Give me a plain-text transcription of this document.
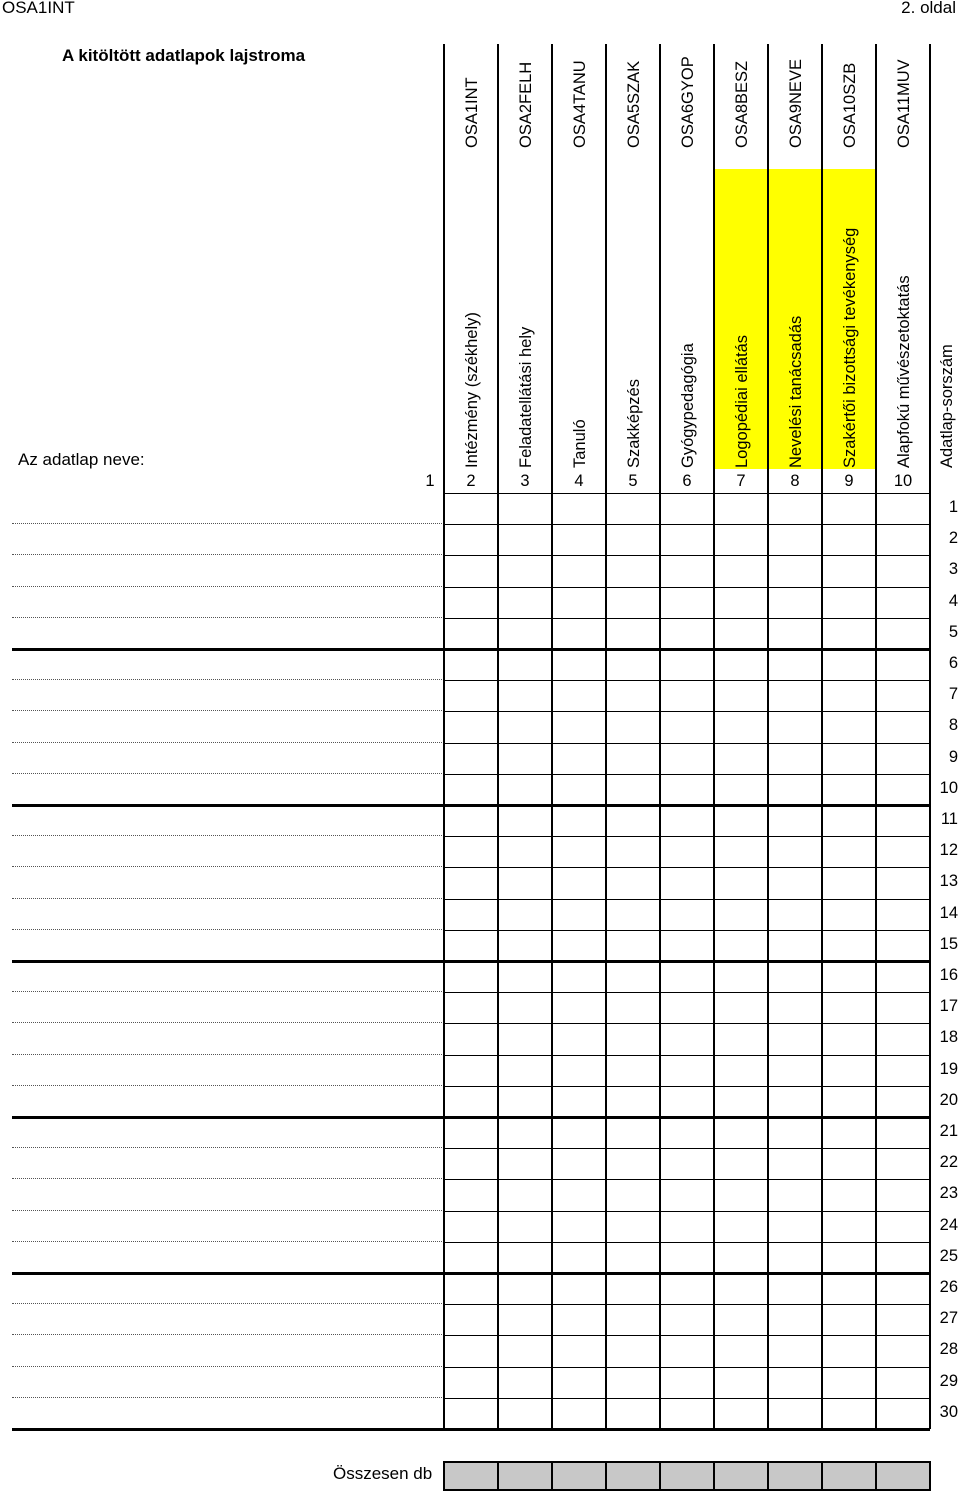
OSA1INT	2. oldal
A kitöltött adatlapok lajstroma
Az adatlap neve:
1
Összesen db
OSA1INT
Intézmény (székhely)
2
OSA2FELH
Feladatellátási hely
3
OSA4TANU
Tanuló
4
OSA5SZAK
Szakképzés
5
OSA6GYOP
Gyógypedagógia
6
OSA8BESZ
Logopédiai ellátás
7
OSA9NEVE
Nevelési tanácsadás
8
OSA10SZB
Szakértői bizottsági tevékenység
9
OSA11MUV
Alapfokú művészetoktatás
10
Adatlap-sorszám
1
2
3
4
5
6
7
8
9
10
11
12
13
14
15
16
17
18
19
20
21
22
23
24
25
26
27
28
29
30
